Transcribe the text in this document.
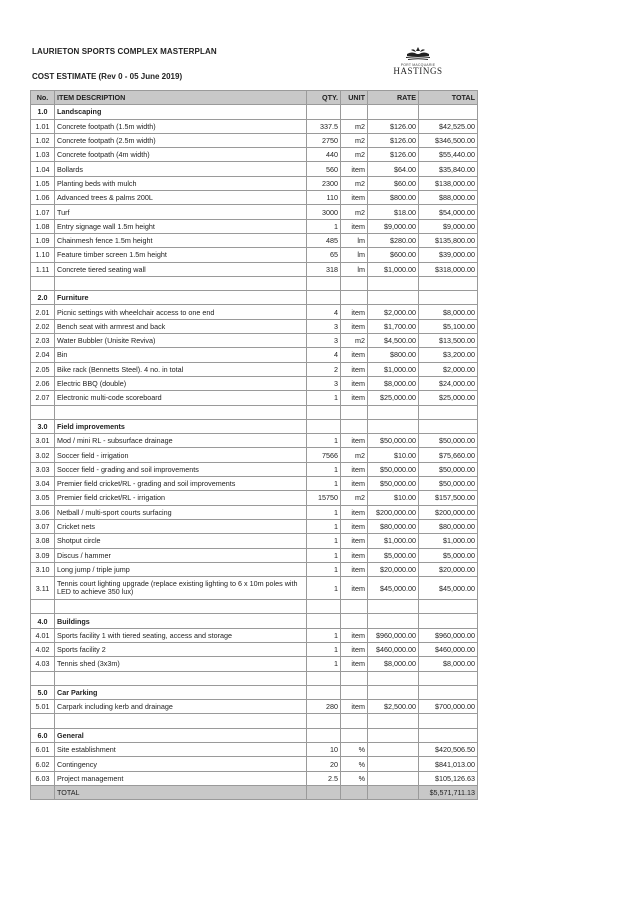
LAURIETON SPORTS COMPLEX MASTERPLAN
COST ESTIMATE (Rev 0 - 05 June 2019)
PORT MACQUARIE
HASTINGS
No.	ITEM DESCRIPTION	QTY.	UNIT	RATE	TOTAL
1.0	Landscaping				
1.01	Concrete footpath (1.5m width)	337.5	m2	$126.00	$42,525.00
1.02	Concrete footpath (2.5m width)	2750	m2	$126.00	$346,500.00
1.03	Concrete footpath (4m width)	440	m2	$126.00	$55,440.00
1.04	Bollards	560	item	$64.00	$35,840.00
1.05	Planting beds with mulch	2300	m2	$60.00	$138,000.00
1.06	Advanced trees & palms 200L	110	item	$800.00	$88,000.00
1.07	Turf	3000	m2	$18.00	$54,000.00
1.08	Entry signage wall 1.5m height	1	item	$9,000.00	$9,000.00
1.09	Chainmesh fence 1.5m height	485	lm	$280.00	$135,800.00
1.10	Feature timber screen 1.5m height	65	lm	$600.00	$39,000.00
1.11	Concrete tiered seating wall	318	lm	$1,000.00	$318,000.00

2.0	Furniture				
2.01	Picnic settings with wheelchair access to one end	4	item	$2,000.00	$8,000.00
2.02	Bench seat with armrest and back	3	item	$1,700.00	$5,100.00
2.03	Water Bubbler (Unisite Reviva)	3	m2	$4,500.00	$13,500.00
2.04	Bin	4	item	$800.00	$3,200.00
2.05	Bike rack (Bennetts Steel). 4 no. in total	2	item	$1,000.00	$2,000.00
2.06	Electric BBQ (double)	3	item	$8,000.00	$24,000.00
2.07	Electronic multi-code scoreboard	1	item	$25,000.00	$25,000.00

3.0	Field improvements				
3.01	Mod / mini RL - subsurface drainage	1	item	$50,000.00	$50,000.00
3.02	Soccer field - irrigation	7566	m2	$10.00	$75,660.00
3.03	Soccer field - grading and soil improvements	1	item	$50,000.00	$50,000.00
3.04	Premier field cricket/RL - grading and soil improvements	1	item	$50,000.00	$50,000.00
3.05	Premier field cricket/RL - irrigation	15750	m2	$10.00	$157,500.00
3.06	Netball / multi-sport courts surfacing	1	item	$200,000.00	$200,000.00
3.07	Cricket nets	1	item	$80,000.00	$80,000.00
3.08	Shotput circle	1	item	$1,000.00	$1,000.00
3.09	Discus / hammer	1	item	$5,000.00	$5,000.00
3.10	Long jump / triple jump	1	item	$20,000.00	$20,000.00
3.11	Tennis court lighting upgrade (replace existing lighting to 6 x 10m poles with LED to achieve 350 lux)	1	item	$45,000.00	$45,000.00

4.0	Buildings				
4.01	Sports facility 1 with tiered seating, access and storage	1	item	$960,000.00	$960,000.00
4.02	Sports facility 2	1	item	$460,000.00	$460,000.00
4.03	Tennis shed (3x3m)	1	item	$8,000.00	$8,000.00

5.0	Car Parking				
5.01	Carpark including kerb and drainage	280	item	$2,500.00	$700,000.00

6.0	General				
6.01	Site establishment	10	%		$420,506.50
6.02	Contingency	20	%		$841,013.00
6.03	Project management	2.5	%		$105,126.63
	TOTAL				$5,571,711.13
